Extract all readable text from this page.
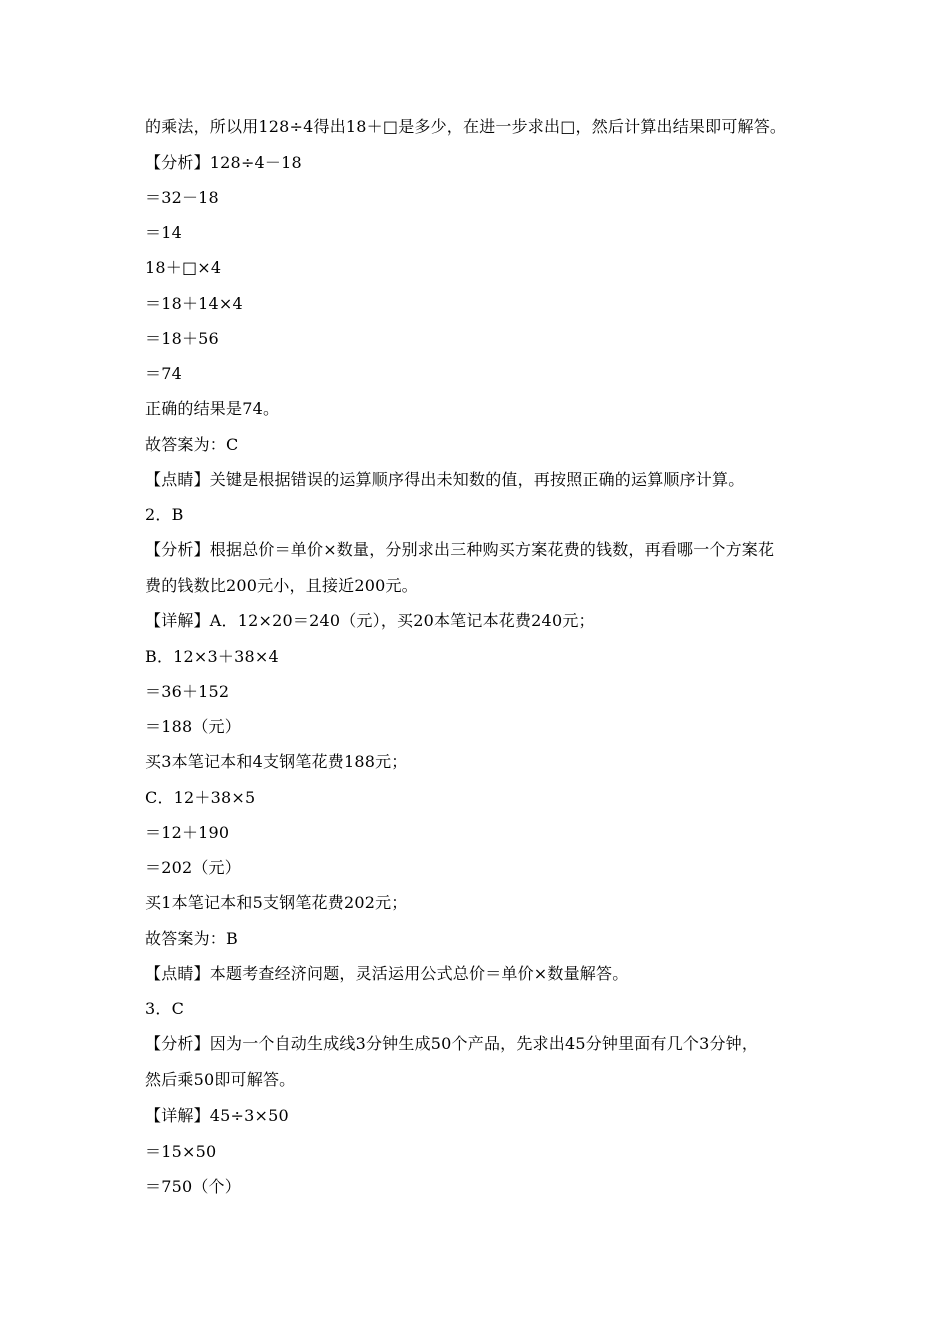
的乘法，所以用128÷4得出18＋□是多少，在进一步求出□，然后计算出结果即可解答。
【分析】128÷4－18
＝32－18
＝14
18＋□×4
＝18＋14×4
＝18＋56
＝74
正确的结果是74。
故答案为：C
【点睛】关键是根据错误的运算顺序得出未知数的值，再按照正确的运算顺序计算。
2．B
【分析】根据总价＝单价×数量，分别求出三种购买方案花费的钱数，再看哪一个方案花
费的钱数比200元小，且接近200元。
【详解】A．12×20＝240（元），买20本笔记本花费240元；
B．12×3＋38×4
＝36＋152
＝188（元）
买3本笔记本和4支钢笔花费188元；
C．12＋38×5
＝12＋190
＝202（元）
买1本笔记本和5支钢笔花费202元；
故答案为：B
【点睛】本题考查经济问题，灵活运用公式总价＝单价×数量解答。
3．C
【分析】因为一个自动生成线3分钟生成50个产品，先求出45分钟里面有几个3分钟，
然后乘50即可解答。
【详解】45÷3×50
＝15×50
＝750（个）
